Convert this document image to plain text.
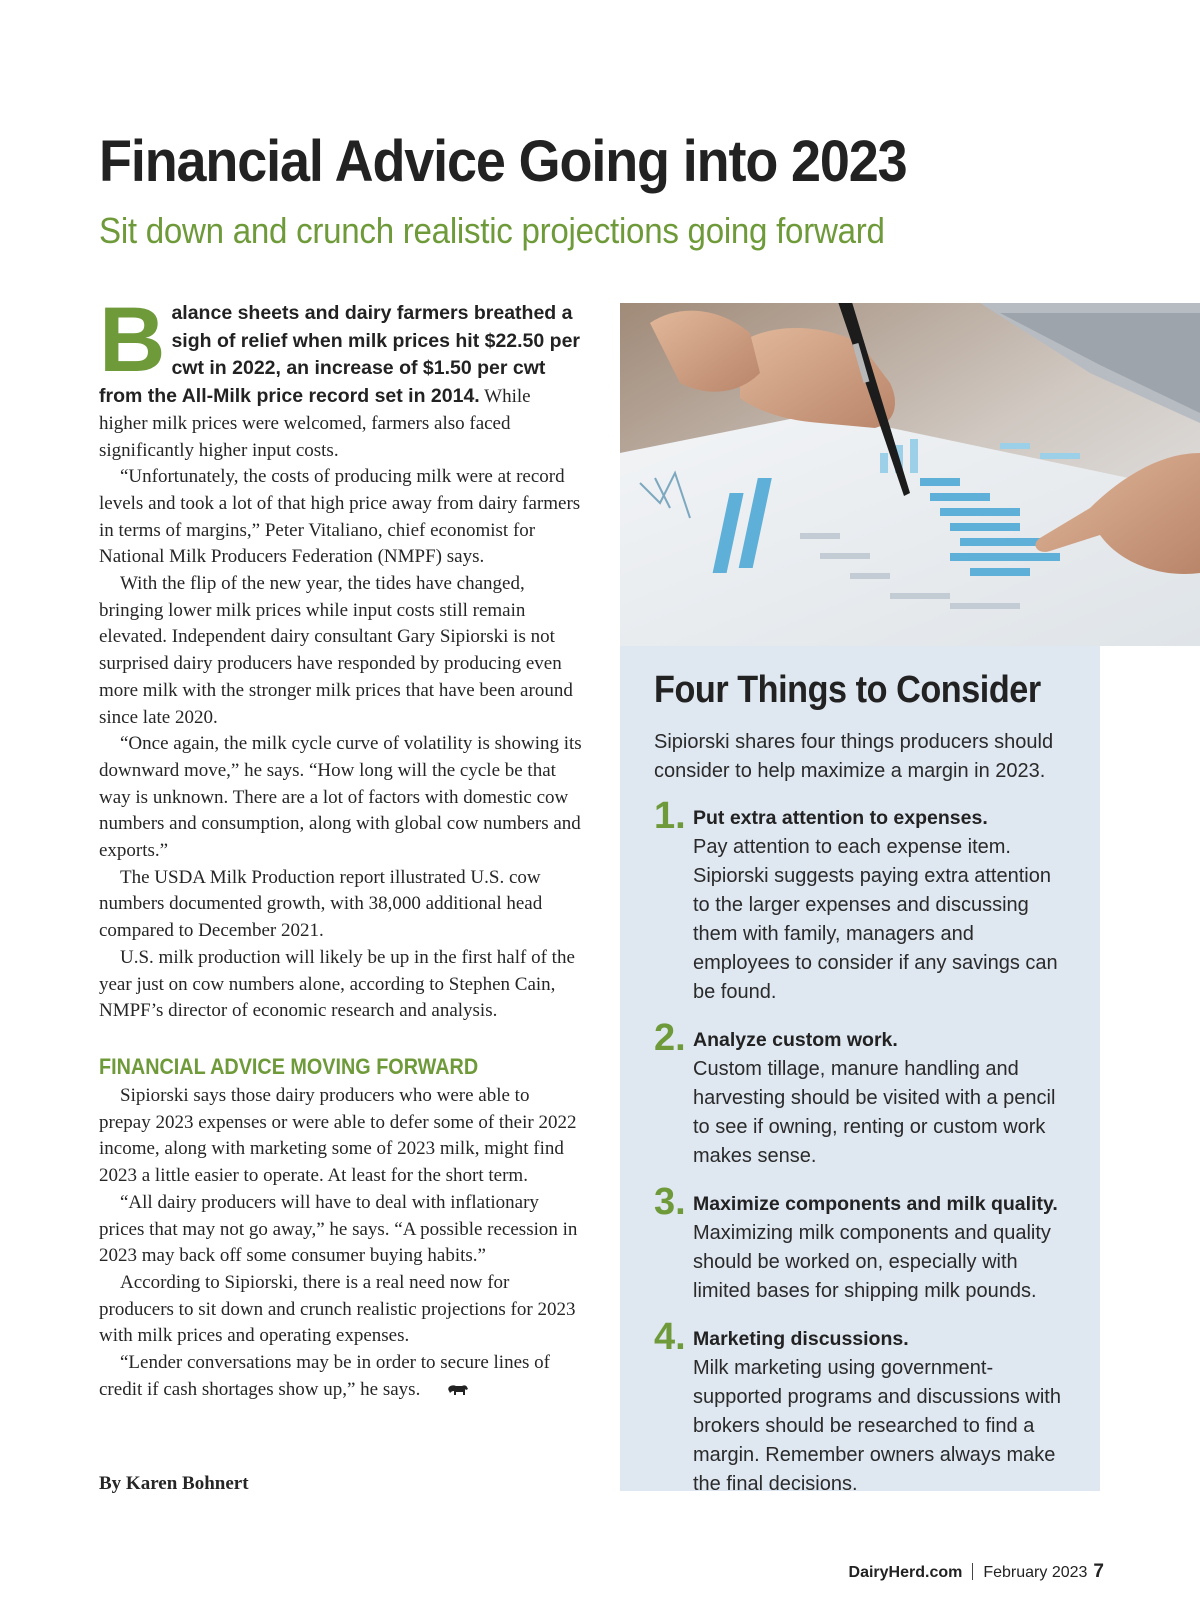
Financial Advice Going into 2023
Sit down and crunch realistic projections going forward

Balance sheets and dairy farmers breathed a sigh of relief when milk prices hit $22.50 per cwt in 2022, an increase of $1.50 per cwt from the All-Milk price record set in 2014. While higher milk prices were welcomed, farmers also faced significantly higher input costs.

“Unfortunately, the costs of producing milk were at record levels and took a lot of that high price away from dairy farmers in terms of margins,” Peter Vitaliano, chief economist for National Milk Producers Federation (NMPF) says.

With the flip of the new year, the tides have changed, bringing lower milk prices while input costs still remain elevated. Independent dairy consultant Gary Sipiorski is not surprised dairy producers have responded by producing even more milk with the stronger milk prices that have been around since late 2020.

“Once again, the milk cycle curve of volatility is showing its downward move,” he says. “How long will the cycle be that way is unknown. There are a lot of factors with domestic cow numbers and consumption, along with global cow numbers and exports.”

The USDA Milk Production report illustrated U.S. cow numbers documented growth, with 38,000 additional head compared to December 2021.

U.S. milk production will likely be up in the first half of the year just on cow numbers alone, according to Stephen Cain, NMPF’s director of economic research and analysis.

FINANCIAL ADVICE MOVING FORWARD

Sipiorski says those dairy producers who were able to prepay 2023 expenses or were able to defer some of their 2022 income, along with marketing some of 2023 milk, might find 2023 a little easier to operate. At least for the short term.

“All dairy producers will have to deal with inflationary prices that may not go away,” he says. “A possible recession in 2023 may back off some consumer buying habits.”

According to Sipiorski, there is a real need now for producers to sit down and crunch realistic projections for 2023 with milk prices and operating expenses.

“Lender conversations may be in order to secure lines of credit if cash shortages show up,” he says.

By Karen Bohnert

Four Things to Consider

Sipiorski shares four things producers should consider to help maximize a margin in 2023.

1. Put extra attention to expenses.
Pay attention to each expense item. Sipiorski suggests paying extra attention to the larger expenses and discussing them with family, managers and employees to consider if any savings can be found.
2. Analyze custom work.
Custom tillage, manure handling and harvesting should be visited with a pencil to see if owning, renting or custom work makes sense.
3. Maximize components and milk quality.
Maximizing milk components and quality should be worked on, especially with limited bases for shipping milk pounds.
4. Marketing discussions.
Milk marketing using government-supported programs and discussions with brokers should be researched to find a margin. Remember owners always make the final decisions.
DairyHerd.com February 2023 7
